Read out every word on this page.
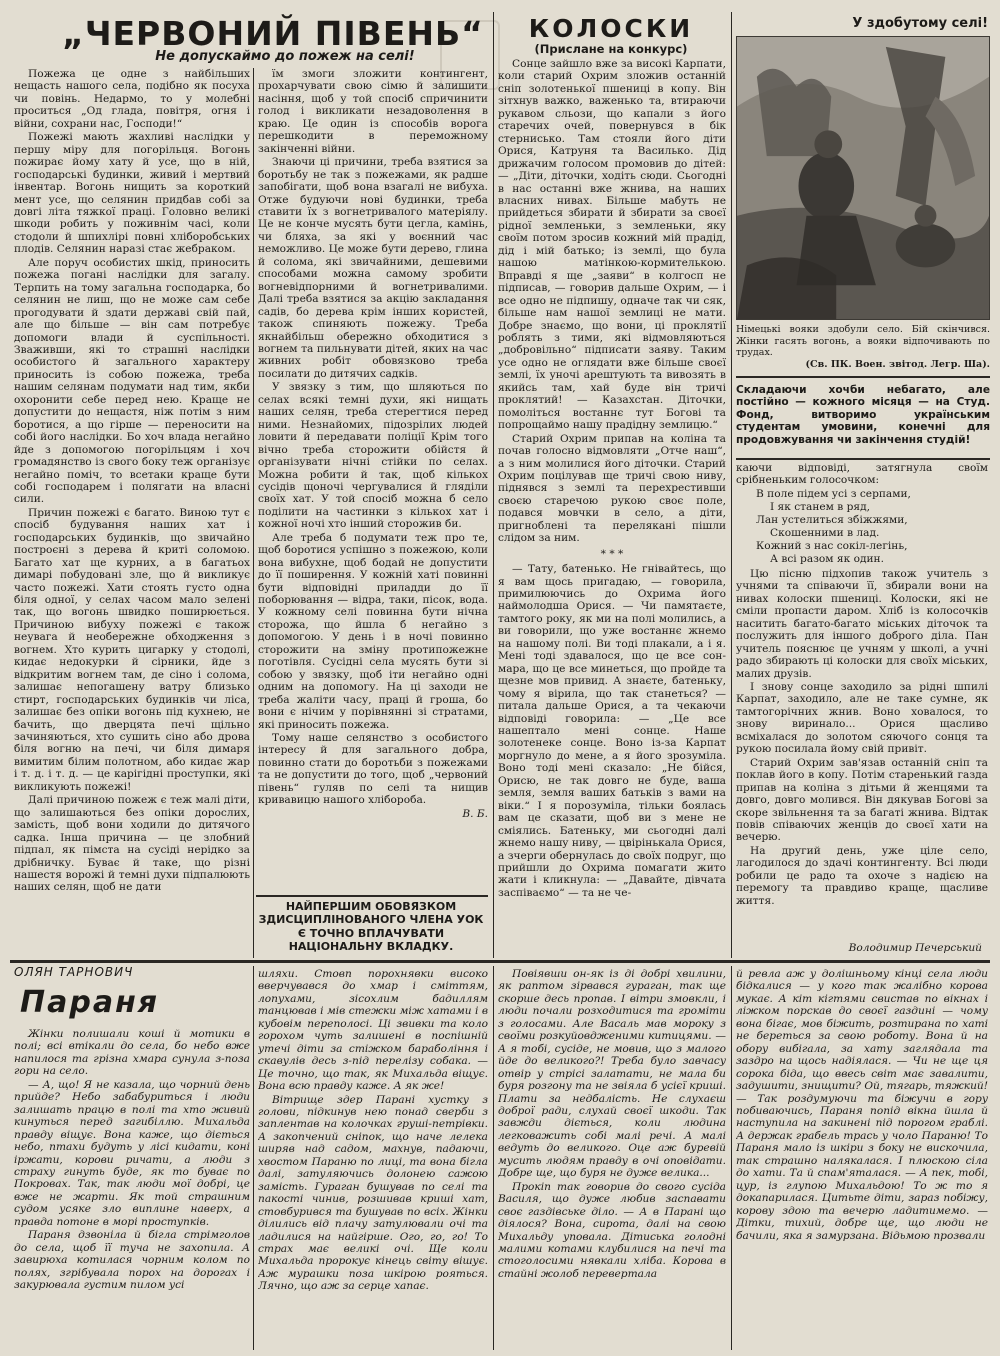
„ЧЕРВОНИЙ ПІВЕНЬ“
Не допускаймо до пожеж на селі!

Пожежа це одне з найбільших нещасть нашого села, подібно як посуха чи повінь. Недармо, то у молебні проситься „Од глада, повітря, огня і війни, сохрани нас, Господи!“

Пожежі мають жахливі наслідки у першу міру для погорільця. Вогонь пожирає йому хату й усе, що в ній, господарські будинки, живий і мертвий інвентар. Вогонь нищить за короткий мент усе, що селянин придбав собі за довгі літа тяжкої праці. Головно великі шкоди робить у поживнім часі, коли стодоли й шпихлірі повні хліборобських плодів. Селянин наразі стає жебраком.

Але поруч особистих шкід, приносить пожежа погані наслідки для загалу. Терпить на тому загальна господарка, бо селянин не лиш, що не може сам себе прогодувати й здати державі свій пай, але що більше — він сам потребує допомоги влади й суспільності. Зваживши, які то страшні наслідки особистого й загального характеру приносить із собою пожежа, треба нашим селянам подумати над тим, якби охоронити себе перед нею. Краще не допустити до нещастя, ніж потім з ним боротися, а що гірше — переносити на собі його наслідки. Бо хоч влада негайно йде з допомогою погорільцям і хоч громадянство із свого боку теж організує негайно поміч, то всетаки краще бути собі господарем і полягати на власні сили.

Причин пожежі є багато. Виною тут є спосіб будування наших хат і господарських будинків, що звичайно построєні з дерева й криті соломою. Багато хат ще курних, а в багатьох димарі побудовані зле, що й викликує часто пожежі. Хати стоять густо одна біля одної, у селах часом мало зелені так, що вогонь швидко поширюється. Причиною вибуху пожежі є також неувага й необережне обходження з вогнем. Хто курить цигарку у стодолі, кидає недокурки й сірники, йде з відкритим вогнем там, де сіно і солома, залишає непогашену ватру близько стирт, господарських будинків чи ліса, залишає без опіки вогонь під кухнею, не бачить, що дверцята печі щільно зачиняються, хто сушить сіно або дрова біля вогню на печі, чи біля димаря вимитим білим полотном, або кидає жар і т. д. і т. д. — це карігідні проступки, які викликують пожежі!

Далі причиною пожеж є теж малі діти, що залишаються без опіки дорослих, замість, щоб вони ходили до дитячого садка. Інша причина — це злобний підпал, як пімста на сусіді нерідко за дрібничку. Буває й таке, що різні нашестя ворожі й темні духи підпалюють наших селян, щоб не дати

їм змоги зложити контингент, прохарчувати свою сімю й залишити насіння, щоб у той спосіб спричинити голод і викликати незадоволення в краю. Це один із способів ворога перешкодити в переможному закінченні війни.

Знаючи ці причини, треба взятися за боротьбу не так з пожежами, як радше запобігати, щоб вона взагалі не вибуха. Отже будуючи нові будинки, треба ставити їх з вогнетривалого матеріялу. Це не конче мусять бути цегла, камінь, чи бляха, за які у воєнний час неможливо. Це може бути дерево, глина й солома, які звичайними, дешевими способами можна самому зробити вогневідпорними й вогнетривалими. Далі треба взятися за акцію закладання садів, бо дерева крім інших користей, також спиняють пожежу. Треба якнайбільш обережно обходитися з вогнем та пильнувати дітей, яких на час живних робіт обовязково треба посилати до дитячих садків.

У звязку з тим, що шляються по селах всякі темні духи, які нищать наших селян, треба стерегтися перед ними. Незнайомих, підозрілих людей ловити й передавати поліції Крім того вічно треба сторожити обійстя й організувати нічні стійки по селах. Можна робити й так, щоб кількох сусідів щоночі чергувалися й гляділи своїх хат. У той спосіб можна б село поділити на частинки з кількох хат і кожної ночі хто інший сторожив би.

Але треба б подумати теж про те, щоб боротися успішно з пожежою, коли вона вибухне, щоб бодай не допустити до її поширення. У кожній хаті повинні бути відповідні приладди до її поборювання — відра, таки, пісок, вода. У кожному селі повинна бути нічна сторожа, що йшла б негайно з допомогою. У день і в ночі повинно сторожити на зміну протипожежне поготівля. Сусідні села мусять бути зі собою у звязку, щоб іти негайно одні одним на допомогу. На ці заходи не треба жаліти часу, праці й гроша, бо вони є нічим у порівнянні зі стратами, які приносить пожежа.

Тому наше селянство з особистого інтересу й для загального добра, повинно стати до боротьби з пожежами та не допустити до того, щоб „червоний півень“ гуляв по селі та нищив кривавицю нашого хлібороба.

В. Б.
НАЙПЕРШИМ ОБОВЯЗКОМ ЗДИСЦИПЛІНОВАНОГО ЧЛЕНА УОК Є ТОЧНО ВПЛАЧУВАТИ НАЦІОНАЛЬНУ ВКЛАДКУ.
КОЛОСКИ
(Прислане на конкурс)

Сонце зайшло вже за високі Карпати, коли старий Охрим зложив останній сніп золотенької пшениці в копу. Він зітхнув важко, важенько та, втираючи рукавом сльози, що капали з його старечих очей, повернувся в бік стернисько. Там стояли його діти Орися, Катруня та Василько. Дід дрижачим голосом промовив до дітей: — „Діти, діточки, ходіть сюди. Сьогодні в нас останні вже жнива, на наших власних нивах. Більше мабуть не прийдеться збирати й збирати за своєї рідної земленьки, з земленьки, яку своїм потом зросив кожний мій прадід, дід і мій батько; із землі, що була нашою матінкою-кормителькою. Вправді я ще „заяви“ в колгосп не підписав, — говорив дальше Охрим, — і все одно не підпишу, одначе так чи сяк, більше нам нашої землиці не мати. Добре знаємо, що вони, ці проклятії роблять з тими, які відмовляються „добровільно“ підписати заяву. Таким усе одно не оглядати вже більше своєї землі, їх уночі арештують та вивозять в якийсь там, хай буде він тричі проклятий! — Казахстан. Діточки, помоліться востаннє тут Богові та попрощаймо нашу прадідну землицю.“

Старий Охрим припав на коліна та почав голосно відмовляти „Отче наш“, а з ним молилися його діточки. Старий Охрим поцілував ще тричі свою ниву, піднявся з землі та перехрестивши своєю старечою рукою своє поле, подався мовчки в село, а діти, пригноблені та перелякані пішли слідом за ним.

* * *

— Тату, батенько. Не гнівайтесь, що я вам щось пригадаю, — говорила, примилюючись до Охрима його наймолодша Орися. — Чи памятаєте, тамтого року, як ми на полі молились, а ви говорили, що уже востаннє жнемо на нашому полі. Ви тоді плакали, а і я. Мені тоді здавалося, що це все сон-мара, що це все минеться, що пройде та щезне мов привид. А знаєте, батеньку, чому я вірила, що так станеться? — питала дальше Орися, а та чекаючи відповіді говорила: — „Це все нашептало мені сонце. Наше золотенеке сонце. Воно із-за Карпат моргнуло до мене, а я його зрозуміла. Воно тоді мені сказало: „Не бійся, Орисю, не так довго не буде, ваша земля, земля ваших батьків з вами на віки.“ І я порозуміла, тільки боялась вам це сказати, щоб ви з мене не сміялись. Батеньку, ми сьогодні далі жнемо нашу ниву, — цвірінькала Орися, а зчерги обернулась до своїх подруг, що прийшли до Охрима помагати жито жати і кликнула: — „Давайте, дівчата заспіваємо“ — та не че-

У здобутому селі!
Німецькі вояки здобули село. Бій скінчився. Жінки гасять вогонь, а вояки відпочивають по трудах.
(Св. ПК. Воен. звітод. Легр. Ша).
Складаючи хочби небагато, але постійно — кожного місяця — на Студ. Фонд, витворимо українським студентам умовини, конечні для продовжування чи закінчення студій!

каючи відповіді, затягнула своїм срібненьким голосочком:

В поле підем усі з серпами,
І як станем в ряд,
Лан устелиться збіжжями,
Скошенними в лад.
Кожний з нас сокіл-легінь,
А всі разом як один.

Цю пісню підхопив також учитель з учнями та співаючи її, збирали вони на нивах колоски пшениці. Колоски, які не сміли пропасти даром. Хліб із колосочків наситить багато-багато міських діточок та послужить для іншого доброго діла. Пан учитель пояснює це учням у школі, а учні радо збирають ці колоски для своїх міських, малих друзів.

І знову сонце заходило за рідні шпилі Карпат, заходило, але не таке сумне, як тамтогорічних жнив. Воно ховалося, то знову виринало... Орися щасливо всміхалася до золотом сяючого сонця та рукою посилала йому свій привіт.

Старий Охрим зав'язав останній сніп та поклав його в копу. Потім старенький газда припав на коліна з дітьми й женцями та довго, довго молився. Він дякував Богові за скоре звільнення та за багаті жнива. Відтак повів співаючих женців до своєї хати на вечерю.

На другий день, уже ціле село, лагодилося до здачі контингенту. Всі люди робили це радо та охоче з надією на перемогу та правдиво краще, щасливе життя.

Володимир Печерський
ОЛЯН ТАРНОВИЧ
Параня

Жінки полишали коші й мотики в полі; всі втікали до села, бо небо вже напилося та грізна хмара сунула з-поза гори на село.

— А, що! Я не казала, що чорний день прийде? Небо забабуриться і люди залишать працю в полі та хто живий кинуться перед загибіллю. Михальда правду віщує. Вона каже, що діється небо, птахи будуть у лісі кидати, коні іржати, корови ричати, а люди з страху гинуть буде, як то буває по Покровах. Так, так люди мої добрі, це вже не жарти. Як той страшним судом усяке зло виплине наверх, а правда потоне в морі проступків.

Параня дзвоніла й бігла стрімголов до села, щоб її туча не захопила. А завирюха котилася чорним колом по полях, згрібувала порох на дорогах і закурювала густим пилом усі

шляхи. Стовп порохнявки високо вверчувався до хмар і сміттям, лопухами, зісохлим бадиллям танцював і мів стежки між хатами і в кубовім переполосі. Ці звивки та коло горохом чуть залишені в поспішній утечі діти за стіжком барабоління і скавулів десь з-під перелізу собака. — Це точно, що так, як Михальда віщує. Вона всю правду каже. А як же!

Вітрище здер Парані хустку з голови, підкинув нею понад сверби з заплентав на колочках груші-петрівки. А закопчений сніпок, що наче лелека ширяв над садом, махнув, падаючи, хвостом Параню по лиці, та вона бігла далі, затуляючись долонею сажою замість. Гураган бушував по селі та пакості чинив, розшивав криші хат, стовбурився та бушував по всіх. Жінки ділились від плачу затулювали очі та ладилися на найгірше. Ого, го, го! То страх має великі очі. Ще коли Михальда пророкує кінець світу вішує. Аж мурашки поза шкірою рояться. Лячно, що аж за серце хапає.

Повіявши он-як із ді добрі хвилини, як раптом зірвався гураган, так ще скорше десь пропав. І вітри змовкли, і люди почали розходитися та громіти з голосами. Але Васаль мав мороку з своїми розкуйовдженими китицями. — А я тобі, сусіде, не мовив, що з малого йде до великого?! Треба було завчасу отвір у стрісі залатати, не мала би буря розгону та не звіяла б усієї криші. Плати за недбалість. Не слухаєш доброї ради, слухай своєї шкоди. Так завжди діється, коли людина легковажить собі малі речі. А малі ведуть до великого. Оце аж буревій мусить людям правду в очі оповідати. Добре ще, що буря не дуже велика...

Прокіп так говорив до свого сусіда Василя, що дуже любив заспавати своє газдівське діло. — А в Парані що діялося? Вона, сирота, далі на свою Михальду уповала. Дітиська голодні малими котами клубилися на печі та стоголосими нявкали хліба. Корова в стайні жолоб перевертала

й ревла аж у долішньому кінці села люди бідкалися — у кого так жалібно корова мукає. А кіт кігтями свистав по вікнах і ліжком порскав до своєї газдині — чому вона бігає, мов біжить, розтирана по хаті не береться за свою роботу. Вона й на обору вибігала, за хату заглядала та заздро на щось надіялася. — Чи не ще ця сорока біда, що ввесь світ має завалити, задушити, знищити? Ой, тягарь, тяжкий! — Так роздумуючи та біжучи в гору побиваючись, Параня попід вікна йшла й наступила на закинені під порогом граблі. А держак грабель трась у чоло Параню! То Параня мало із шкіри з боку не вискочила, так страшно налякалася. І плюскою сіла до хати. Та й спам'яталася. — А пек, тобі, цур, із глупою Михальдою! То ж то я докапарилася. Цитьте діти, зараз побіжу, корову здою та вечерю ладитимемо. — Дітки, тихий, добре ще, що люди не бачили, яка я замурзана. Відьмою прозвали
